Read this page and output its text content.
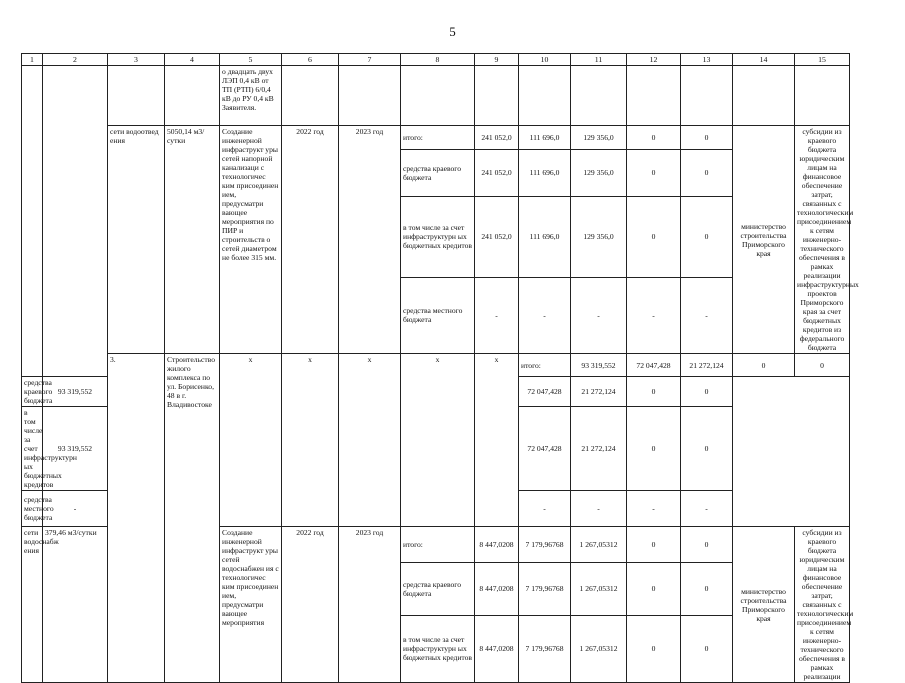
5
1	2	3	4	5	6	7	8	9	10	11	12	13	14	15	
				о двадцать двух ЛЭП 0,4 кВ от ТП (РТП) 6/0,4 кВ до РУ 0,4 кВ Заявителя.											
		сети водоотвед ения	5050,14 м3/сутки	Создание инженерной инфраструкт уры сетей напорной канализаци с технологичес ким присоединен ием, предусматри вающее мероприятия по ПИР и строительств о сетей диаметром не более 315 мм.	2022 год	2023 год	итого:	241 052,0	111 696,0	129 356,0	0	0	министерство строительства Приморского края	субсидии из краевого бюджета юридическим лицам на финансовое обеспечение затрат, связанных с технологическим присоединением к сетям инженерно-технического обеспечения в рамках реализации инфраструктурных проектов Приморского края за счет бюджетных кредитов из федерального бюджета	
							средства краевого бюджета	241 052,0	111 696,0	129 356,0	0	0			
							в том числе за счет инфраструктурн ых бюджетных кредитов	241 052,0	111 696,0	129 356,0	0	0			
							средства местного бюджета	-	-	-	-	-			
		3.	Строительство жилого комплекса по ул. Борисенко, 48 в г. Владивостоке	х	х	х	х	х	итого:	93 319,552	72 047,428	21 272,124	0	0		
средства краевого бюджета	93 319,552								72 047,428	21 272,124	0	0			
в том числе за счет инфраструктурн ых бюджетных кредитов	93 319,552								72 047,428	21 272,124	0	0			
средства местного бюджета	-								-	-	-	-			
сети водоснабж ения	379,46 м3/сутки			Создание инженерной инфраструкт уры сетей водоснабжен ия с технологичес ким присоединен ием, предусматри вающее мероприятия	2022 год	2023 год	итого:	8 447,0208	7 179,96768	1 267,05312	0	0	министерство строительства Приморского края	субсидии из краевого бюджета юридическим лицам на финансовое обеспечение затрат, связанных с технологическим присоединением к сетям инженерно-технического обеспечения в рамках реализации	
							средства краевого бюджета	8 447,0208	7 179,96768	1 267,05312	0	0			
							в том числе за счет инфраструктурн ых бюджетных кредитов	8 447,0208	7 179,96768	1 267,05312	0	0			
